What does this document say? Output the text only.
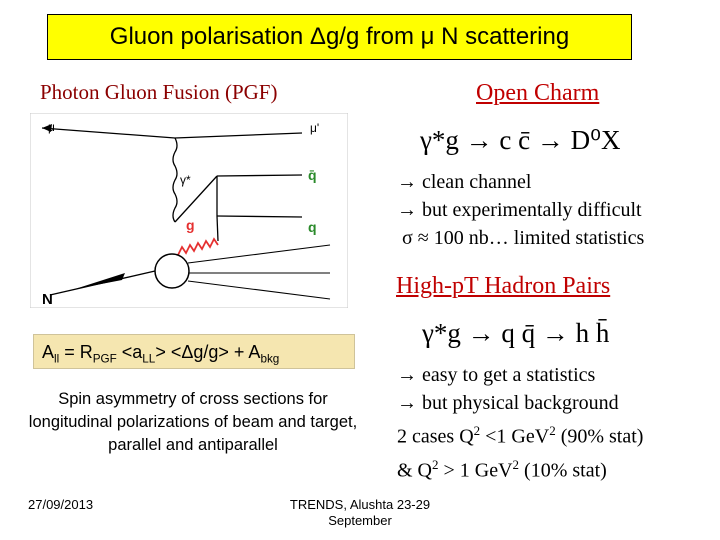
Gluon polarisation Δg/g from μ N scattering
Photon Gluon Fusion (PGF)
μ	μ'
γ*	q̄
q
g
N
$A_{ll} = R_{PGF} <a_{LL}> <\Delta g/g> + A_{bkg}$
Spin asymmetry of cross sections for longitudinal polarizations of beam and target, parallel and antiparallel
Open Charm
γ*g → c c̄ → D⁰X
→ clean channel
→ but experimentally difficult
σ ≈ 100 nb… limited statistics
High-pT Hadron Pairs
γ*g → q q̄ → h h̄
→ easy to get a statistics
→ but physical background
2 cases $Q^2 <1$ GeV$^2$ (90% stat)
& $Q^2 > 1$ GeV$^2$ (10% stat)
27/09/2013	TRENDS, Alushta 23-29 September
